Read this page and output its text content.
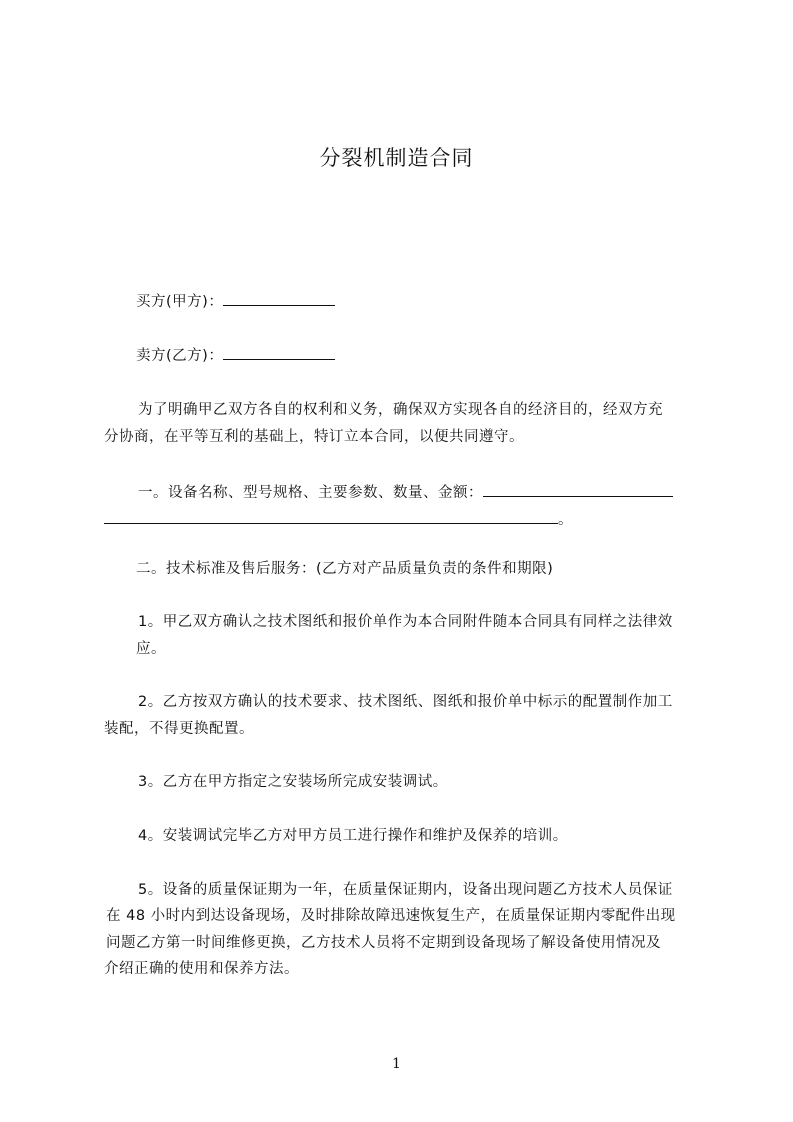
分裂机制造合同
买方(甲方)：
卖方(乙方)：
为了明确甲乙双方各自的权利和义务，确保双方实现各自的经济目的，经双方充
分协商，在平等互利的基础上，特订立本合同，以便共同遵守。
一。设备名称、型号规格、主要参数、数量、金额：
。
二。技术标准及售后服务：(乙方对产品质量负责的条件和期限)
1。甲乙双方确认之技术图纸和报价单作为本合同附件随本合同具有同样之法律效
应。
2。乙方按双方确认的技术要求、技术图纸、图纸和报价单中标示的配置制作加工
装配，不得更换配置。
3。乙方在甲方指定之安装场所完成安装调试。
4。安装调试完毕乙方对甲方员工进行操作和维护及保养的培训。
5。设备的质量保证期为一年，在质量保证期内，设备出现问题乙方技术人员保证
在 48 小时内到达设备现场，及时排除故障迅速恢复生产，在质量保证期内零配件出现
问题乙方第一时间维修更换，乙方技术人员将不定期到设备现场了解设备使用情况及
介绍正确的使用和保养方法。
1
